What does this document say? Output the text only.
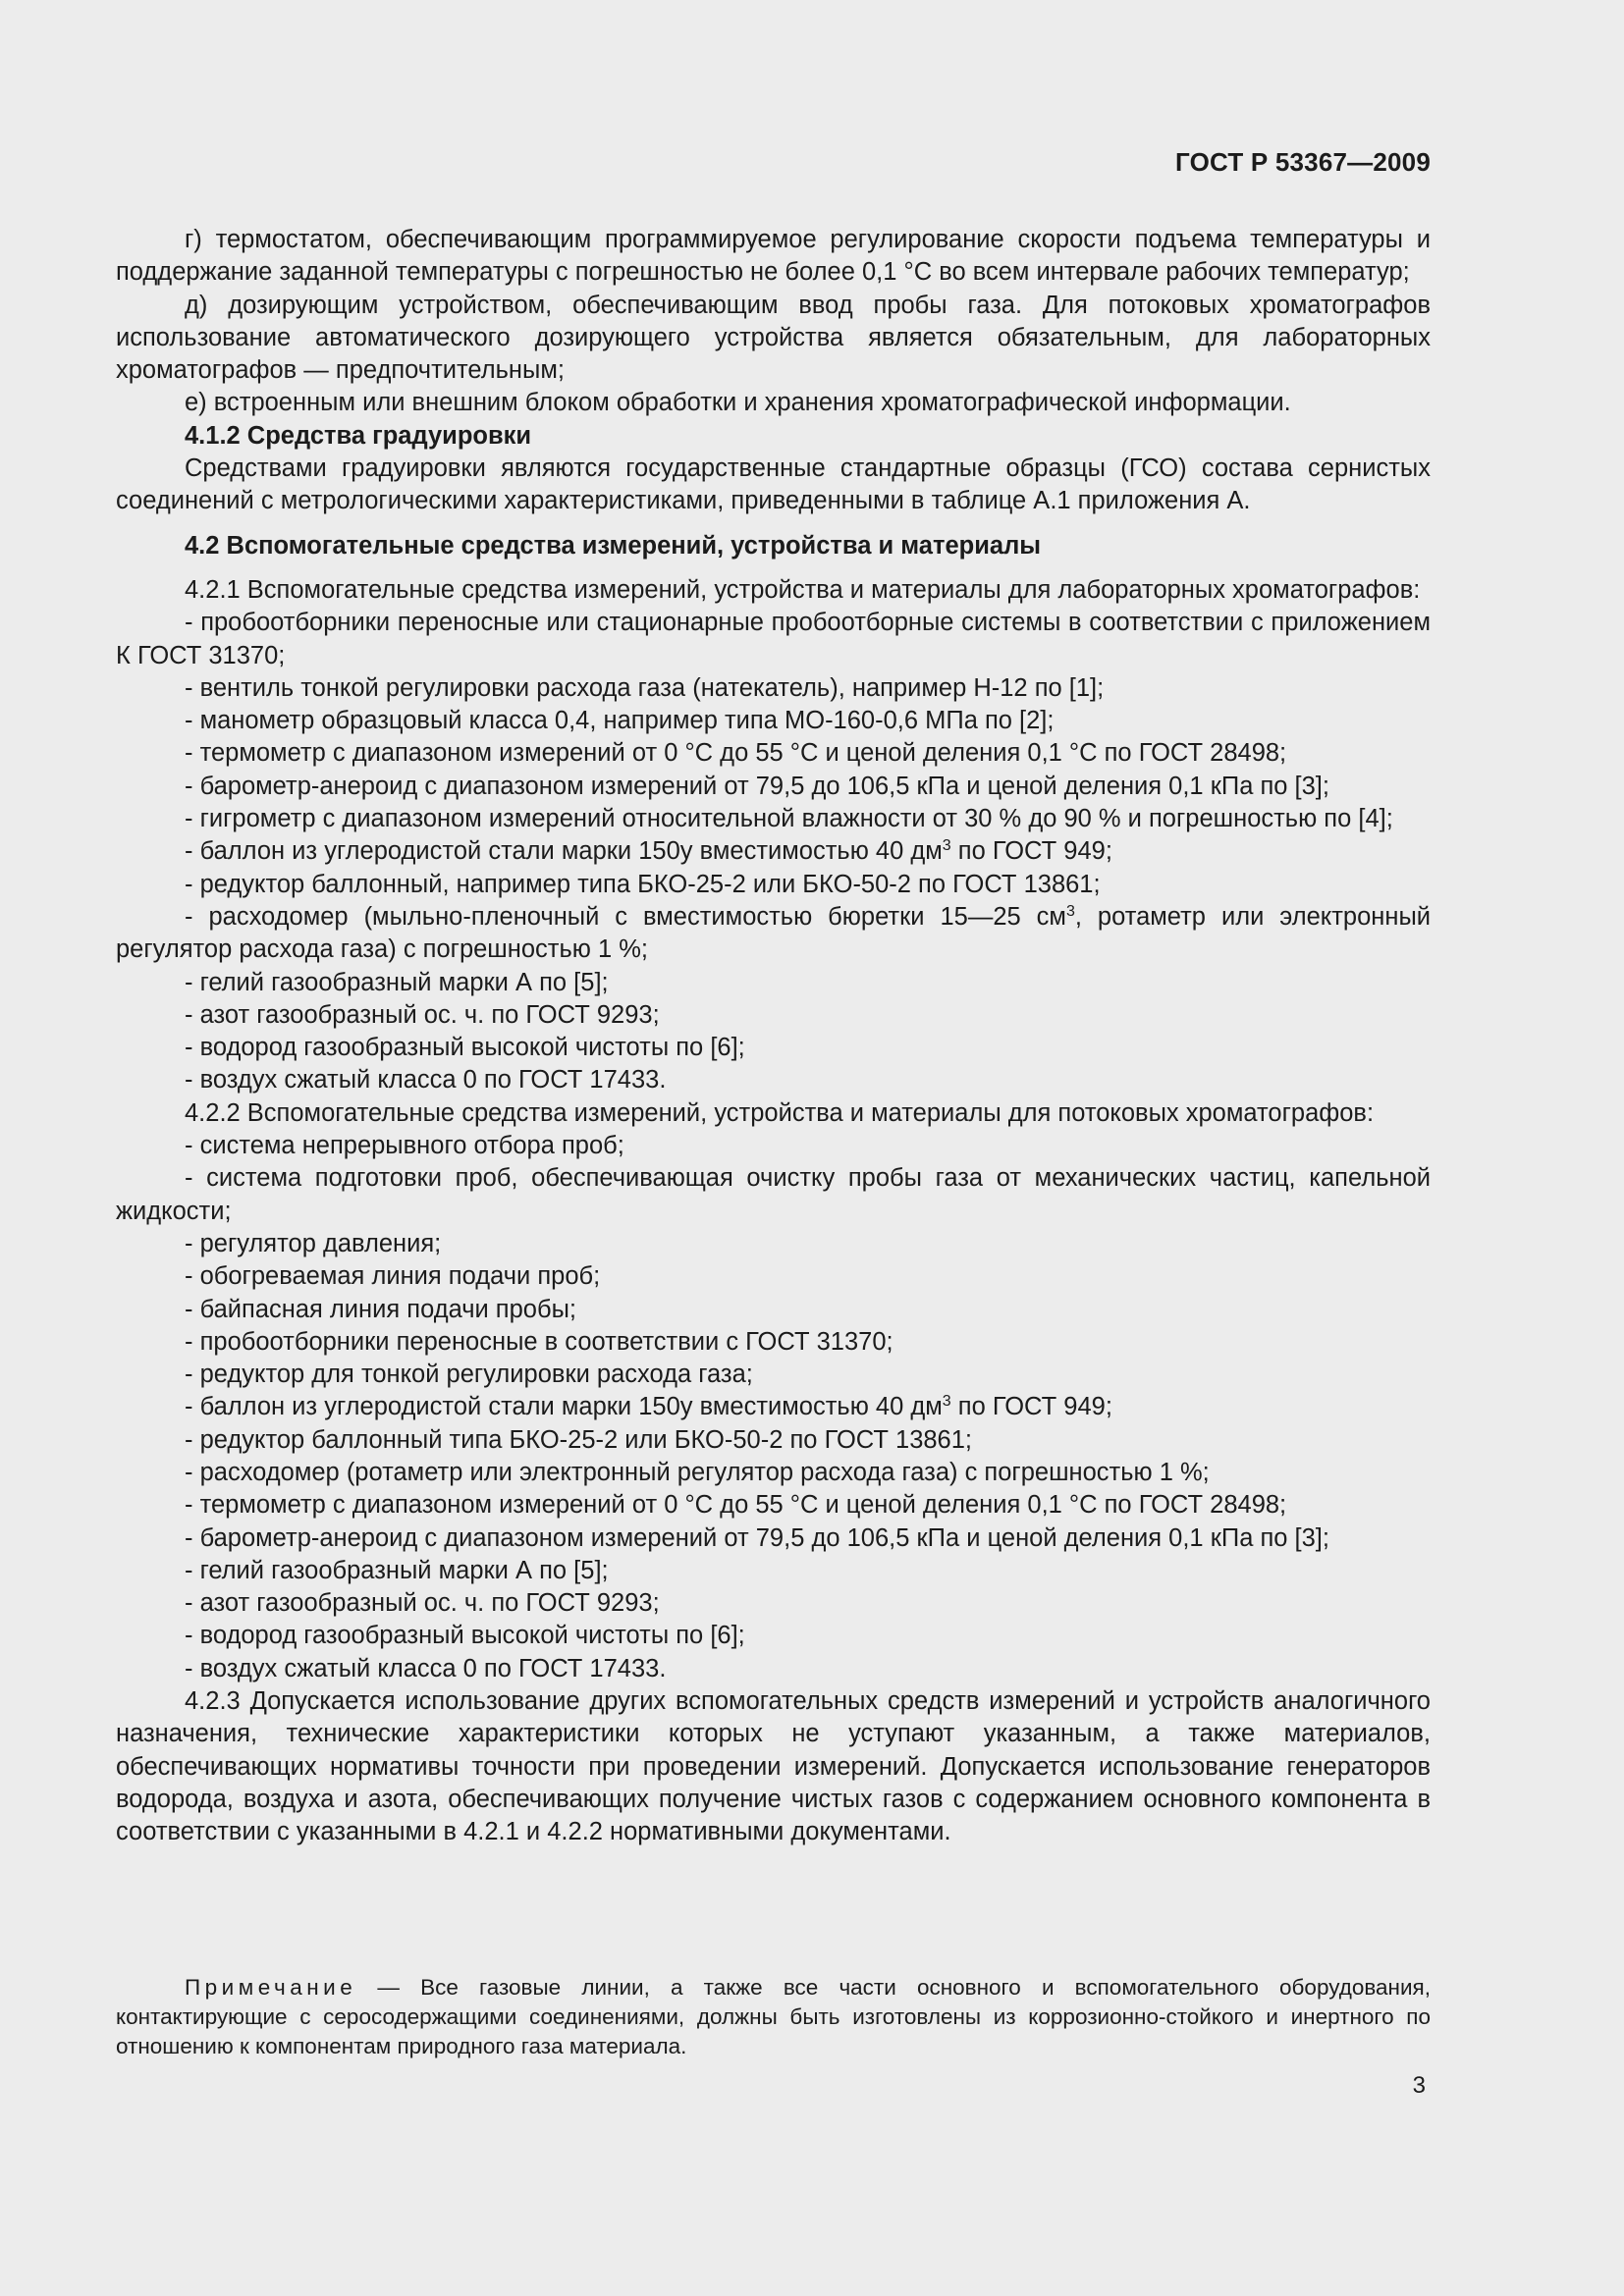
ГОСТ Р 53367—2009

г) термостатом, обеспечивающим программируемое регулирование скорости подъема температуры и поддержание заданной температуры с погрешностью не более 0,1 °С во всем интервале рабочих температур;

д) дозирующим устройством, обеспечивающим ввод пробы газа. Для потоковых хроматографов использование автоматического дозирующего устройства является обязательным, для лабораторных хроматографов — предпочтительным;

е) встроенным или внешним блоком обработки и хранения хроматографической информации.

4.1.2 Средства градуировки

Средствами градуировки являются государственные стандартные образцы (ГСО) состава сернистых соединений с метрологическими характеристиками, приведенными в таблице А.1 приложения А.

4.2 Вспомогательные средства измерений, устройства и материалы

4.2.1 Вспомогательные средства измерений, устройства и материалы для лабораторных хроматографов:

- пробоотборники переносные или стационарные пробоотборные системы в соответствии с приложением К ГОСТ 31370;

- вентиль тонкой регулировки расхода газа (натекатель), например Н-12 по [1];

- манометр образцовый класса 0,4, например типа МО-160-0,6 МПа по [2];

- термометр с диапазоном измерений от 0 °С до 55 °С и ценой деления 0,1 °С по ГОСТ 28498;

- барометр-анероид с диапазоном измерений от 79,5 до 106,5 кПа и ценой деления 0,1 кПа по [3];

- гигрометр с диапазоном измерений относительной влажности от 30 % до 90 % и погрешностью по [4];

- баллон из углеродистой стали марки 150у вместимостью 40 $дм^3$ по ГОСТ 949;

- редуктор баллонный, например типа БКО-25-2 или БКО-50-2 по ГОСТ 13861;

- расходомер (мыльно-пленочный с вместимостью бюретки 15—25 $см^3$, ротаметр или электронный регулятор расхода газа) с погрешностью 1 %;

- гелий газообразный марки А по [5];

- азот газообразный ос. ч. по ГОСТ 9293;

- водород газообразный высокой чистоты по [6];

- воздух сжатый класса 0 по ГОСТ 17433.

4.2.2 Вспомогательные средства измерений, устройства и материалы для потоковых хроматографов:

- система непрерывного отбора проб;

- система подготовки проб, обеспечивающая очистку пробы газа от механических частиц, капельной жидкости;

- регулятор давления;

- обогреваемая линия подачи проб;

- байпасная линия подачи пробы;

- пробоотборники переносные в соответствии с ГОСТ 31370;

- редуктор для тонкой регулировки расхода газа;

- баллон из углеродистой стали марки 150у вместимостью 40 $дм^3$ по ГОСТ 949;

- редуктор баллонный типа БКО-25-2 или БКО-50-2 по ГОСТ 13861;

- расходомер (ротаметр или электронный регулятор расхода газа) с погрешностью 1 %;

- термометр с диапазоном измерений от 0 °С до 55 °С и ценой деления 0,1 °С по ГОСТ 28498;

- барометр-анероид с диапазоном измерений от 79,5 до 106,5 кПа и ценой деления 0,1 кПа по [3];

- гелий газообразный марки А по [5];

- азот газообразный ос. ч. по ГОСТ 9293;

- водород газообразный высокой чистоты по [6];

- воздух сжатый класса 0 по ГОСТ 17433.

4.2.3 Допускается использование других вспомогательных средств измерений и устройств аналогичного назначения, технические характеристики которых не уступают указанным, а также материалов, обеспечивающих нормативы точности при проведении измерений. Допускается использование генераторов водорода, воздуха и азота, обеспечивающих получение чистых газов с содержанием основного компонента в соответствии с указанными в 4.2.1 и 4.2.2 нормативными документами.

Примечание — Все газовые линии, а также все части основного и вспомогательного оборудования, контактирующие с серосодержащими соединениями, должны быть изготовлены из коррозионно-стойкого и инертного по отношению к компонентам природного газа материала.
3
